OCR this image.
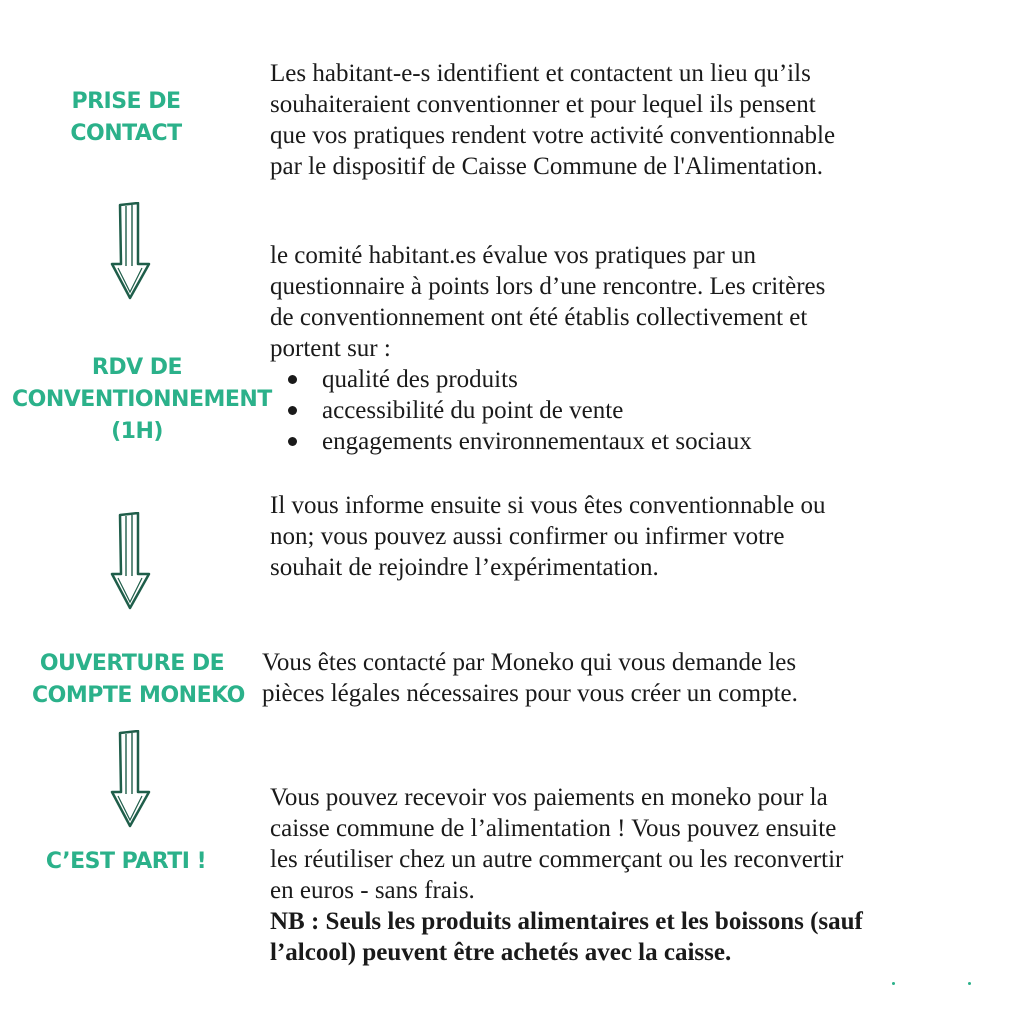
PRISE DE
CONTACT
Les habitant-e-s identifient et contactent un lieu qu’ils
souhaiteraient conventionner et pour lequel ils pensent
que vos pratiques rendent votre activité conventionnable
par le dispositif de Caisse Commune de l'Alimentation.
le comité habitant.es évalue vos pratiques par un
questionnaire à points lors d’une rencontre. Les critères
de conventionnement ont été établis collectivement et
portent sur :
qualité des produits
accessibilité du point de vente
engagements environnementaux et sociaux
RDV DE
CONVENTIONNEMENT
(1H)
Il vous informe ensuite si vous êtes conventionnable ou
non; vous pouvez aussi confirmer ou infirmer votre
souhait de rejoindre l’expérimentation.
OUVERTURE DE
COMPTE MONEKO
Vous êtes contacté par Moneko qui vous demande les
pièces légales nécessaires pour vous créer un compte.
Vous pouvez recevoir vos paiements en moneko pour la
caisse commune de l’alimentation ! Vous pouvez ensuite
les réutiliser chez un autre commerçant ou les reconvertir
en euros - sans frais.
NB : Seuls les produits alimentaires et les boissons (sauf
l’alcool) peuvent être achetés avec la caisse.
C’EST PARTI !
